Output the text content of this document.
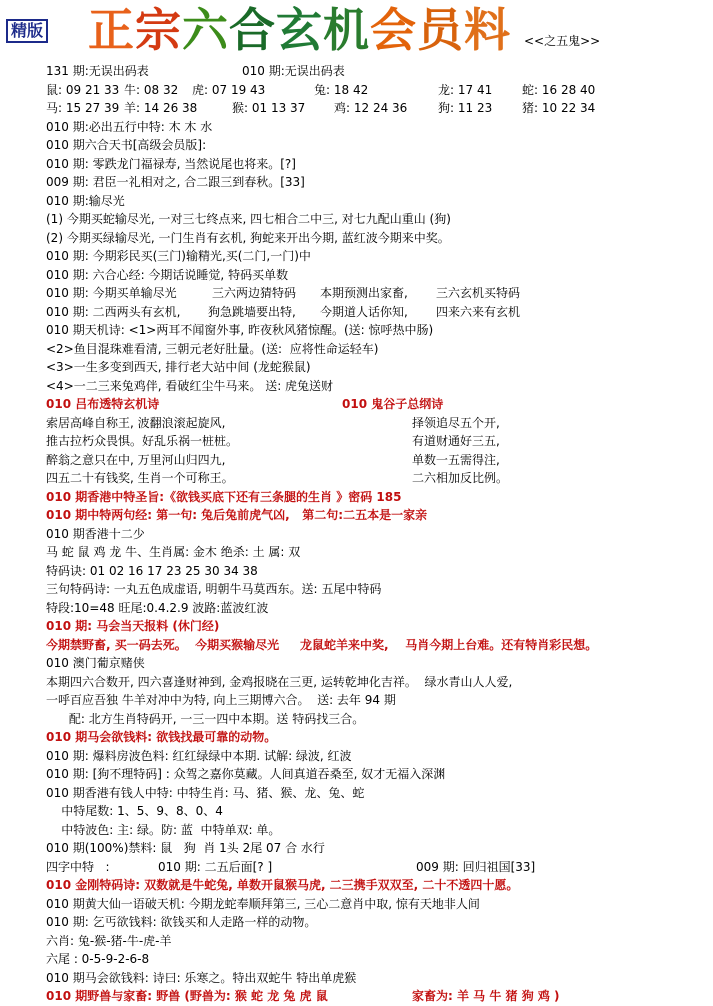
精版 正宗六合玄机会员料 <<之五鬼>>
131 期:无误出码表	010 期:无误出码表
鼠: 09 21 33 牛: 08 32 虎: 07 19 43	兔: 18 42	龙: 17 41 蛇: 16 28 40
马: 15 27 39 羊: 14 26 38	猴: 01 13 37 鸡: 12 24 36	狗: 11 23 猪: 10 22 34
010 期:必出五行中特: 木 木 水
010 期六合天书[高级会员版]:
010 期: 零跌龙门福禄寿, 当然说尾也将来。[?]
009 期: 君臣一礼相对之, 合二跟三到春秋。[33]
010 期:输尽光
(1) 今期买蛇输尽光, 一对三七终点来, 四七相合二中三, 对七九配山重山 (狗)
(2) 今期买绿输尽光, 一门生肖有玄机, 狗蛇来开出今期, 蓝红波今期来中奖。
010 期: 今期彩民买(三门)输精光,买(二门,一门)中
010 期: 六合心经: 今期话说睡觉, 特码买单数
010 期: 今期买单输尽光	三六两边猜特码 本期预测出家畜, 三六玄机买特码
010 期: 二西两头有玄机, 狗急跳墙要出特, 今期道人话你知, 四来六来有玄机
010 期天机诗: <1>两耳不闻窗外事, 昨夜秋风猪惊醒。(送: 惊呼热中肠)
<2>鱼目混珠难看清, 三朝元老好肚量。(送:  应将性命运轻车)
<3>一生多变到西天, 排行老大站中间 (龙蛇猴鼠)
<4>一二三来兔鸡伴, 看破红尘牛马来。 送: 虎兔送财
010 吕布透特玄机诗	010 鬼谷子总纲诗
索居高峰自称王, 波翻浪滚起旋风,	择领追尽五个开,
推古拉朽众畏惧。好乱乐祸一桩桩。	有道财通好三五,
醉翁之意只在中, 万里河山归四九,	单数一五需得注,
四五二十有钱奖, 生肖一个可称王。	二六相加反比例。
010 期香港中特圣旨:《欲钱买底下还有三条腿的生肖 》密码 185
010 期中特两句经: 第一句: 兔后兔前虎气凶,   第二句:二五本是一家亲
010 期香港十二少
马 蛇 鼠 鸡 龙 牛、生肖属: 金木 绝杀: 土 属: 双
特码诀: 01 02 16 17 23 25 30 34 38
三句特码诗: 一丸五色成虚语, 明朝牛马莫西东。送: 五尾中特码
特段:10=48 旺尾:0.4.2.9 波路:蓝波红波
010 期: 马会当天报料 (休门经)
今期禁野畜, 买一码去死。  今期买猴输尽光     龙鼠蛇羊来中奖,    马肖今期上台难。还有特肖彩民想。
010 澳门葡京赌侠
本期四六合数开, 四六喜逢财神到, 金鸡报晓在三更, 运转乾坤化吉祥。  绿水青山人人爱,
一呼百应吾独 牛羊对冲中为特, 向上三期博六合。  送: 去年 94 期
配: 北方生肖特码开, 一三一四中本期。送 特码找三合。
010 期马会欲钱料: 欲钱找最可靠的动物。
010 期: 爆料房波色料: 红红绿绿中本期. 试解: 绿波, 红波
010 期: [狗不理特码] : 众驾之嘉你莫藏。人间真道吞桑至, 奴才无福入深渊
010 期香港有钱人中特: 中特生肖: 马、猪、猴、龙、兔、蛇
中特尾数: 1、5、9、8、0、4
中特波色: 主: 绿。防: 蓝  中特单双: 单。
010 期(100%)禁料: 鼠   狗  肖 1头 2尾 07 合 水行
四字中特   :	010 期: 二五后面[? ]	009 期: 回归祖国[33]
010 金刚特码诗: 双数就是牛蛇兔, 单数开鼠猴马虎, 二三携手双双至, 二十不透四十愿。
010 期黄大仙一语破天机: 今期龙蛇奉顺拜第三, 三心二意肖中取, 惊有天地非人间
010 期: 乞丐欲钱料: 欲钱买和人走路一样的动物。
六肖: 兔-猴-猪-牛-虎-羊
六尾 : 0-5-9-2-6-8
010 期马会欲钱料: 诗曰: 乐寒之。特出双蛇牛 特出单虎猴
010 期野兽与家畜: 野兽 (野兽为: 猴 蛇 龙 兔 虎 鼠	家畜为: 羊 马 牛 猪 狗 鸡 )
